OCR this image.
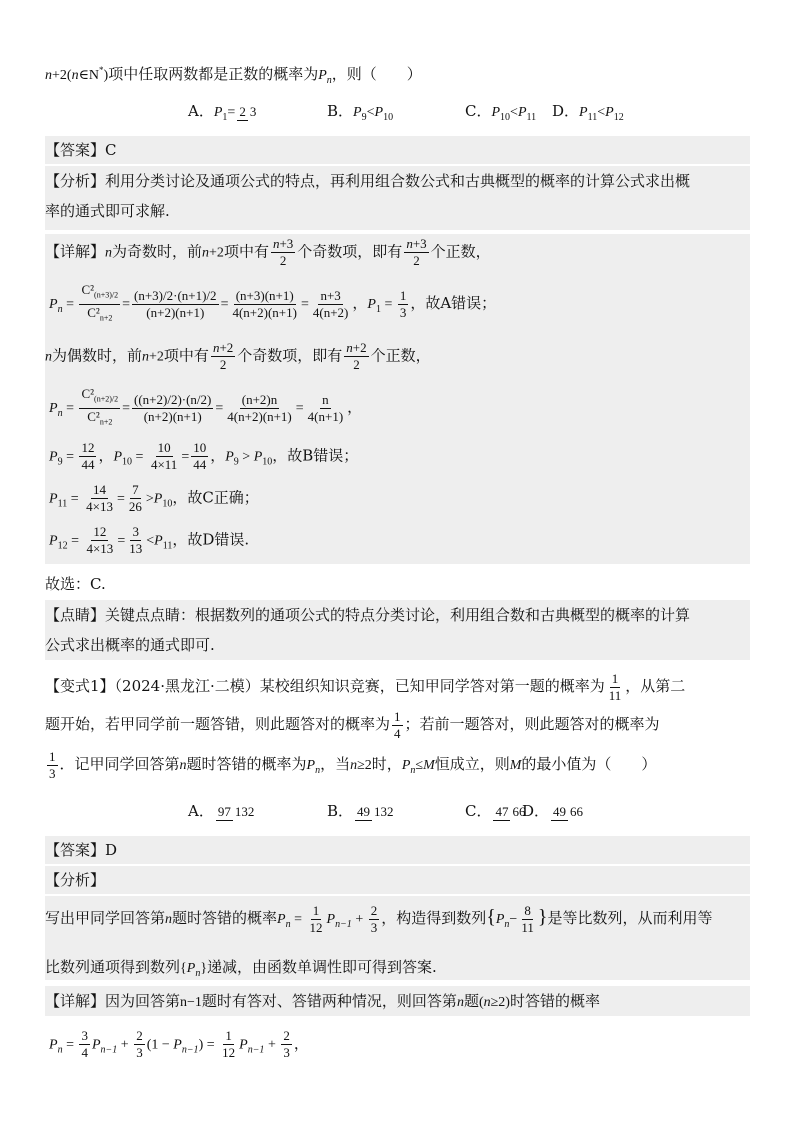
n+2(n∈N*)项中任取两数都是正数的概率为$P_n$，则（　　）
A．$P_1=2$ 3	B．$P_9<P_{10}$	C．$P_{10}<P_{11}$ D．$P_{11}<P_{12}$
【答案】C
【分析】利用分类讨论及通项公式的特点，再利用组合数公式和古典概型的概率的计算公式求出概
率的通式即可求解.
【详解】n为奇数时，前n+2项中有 $\frac{n+3}{2}$ 个奇数项，即有 $\frac{n+3}{2}$ 个正数，
$P_n = \frac{C^2_{(n+3)/2}}{C^2_{n+2}} = \frac{(n+3)/2\cdot(n+1)/2}{(n+2)(n+1)} = \frac{(n+3)(n+1)}{4(n+2)(n+1)} = \frac{n+3}{4(n+2)}$ ，$P_1 = \frac{1}{3}$ ，故A错误；
n为偶数时，前n+2项中有 $\frac{n+2}{2}$ 个奇数项，即有 $\frac{n+2}{2}$ 个正数，
$P_n = \frac{C^2_{(n+2)/2}}{C^2_{n+2}} = \frac{((n+2)/2)\cdot(n/2)}{(n+2)(n+1)} = \frac{(n+2)n}{4(n+2)(n+1)} = \frac{n}{4(n+1)}$ ，
$P_9 = \frac{12}{44}$ ，$P_{10} = \frac{10}{4\times 11} = \frac{10}{44}$ ，$P_9 > P_{10}$，故B错误；
$P_{11} = \frac{14}{4\times 13} = \frac{7}{26} >P_{10}$，故C正确；
$P_{12} = \frac{12}{4\times 13} = \frac{3}{13} <P_{11}$，故D错误.
故选：C.
【点睛】关键点点睛：根据数列的通项公式的特点分类讨论，利用组合数和古典概型的概率的计算
公式求出概率的通式即可.
【变式1】（2024·黑龙江·二模）某校组织知识竞赛，已知甲同学答对第一题的概率为 $\frac{1}{11}$ ，从第二
题开始，若甲同学前一题答错，则此题答对的概率为 $\frac{1}{4}$ ；若前一题答对，则此题答对的概率为
$\frac{1}{3}$ ．记甲同学回答第n题时答错的概率为$P_n$，当n≥2时，$P_n\le M$恒成立，则M的最小值为（　　）
A． 97 132	B． 49 132	C． 47 66
D． 49 66
【答案】D
【分析】
写出甲同学回答第n题时答错的概率$P_n = \frac{1}{12} P_{n-1} + \frac{2}{3}$ ，构造得到数列{$P_n- \frac{8}{11}$ }是等比数列，从而利用等
比数列通项得到数列$\{P_n\}$递减，由函数单调性即可得到答案.
【详解】因为回答第n−1题时有答对、答错两种情况，则回答第n题(n≥2)时答错的概率
$P_n = \frac{3}{4} P_{n-1} + \frac{2}{3} (1 - P_{n-1}) = \frac{1}{12} P_{n-1} + \frac{2}{3}$ ，
